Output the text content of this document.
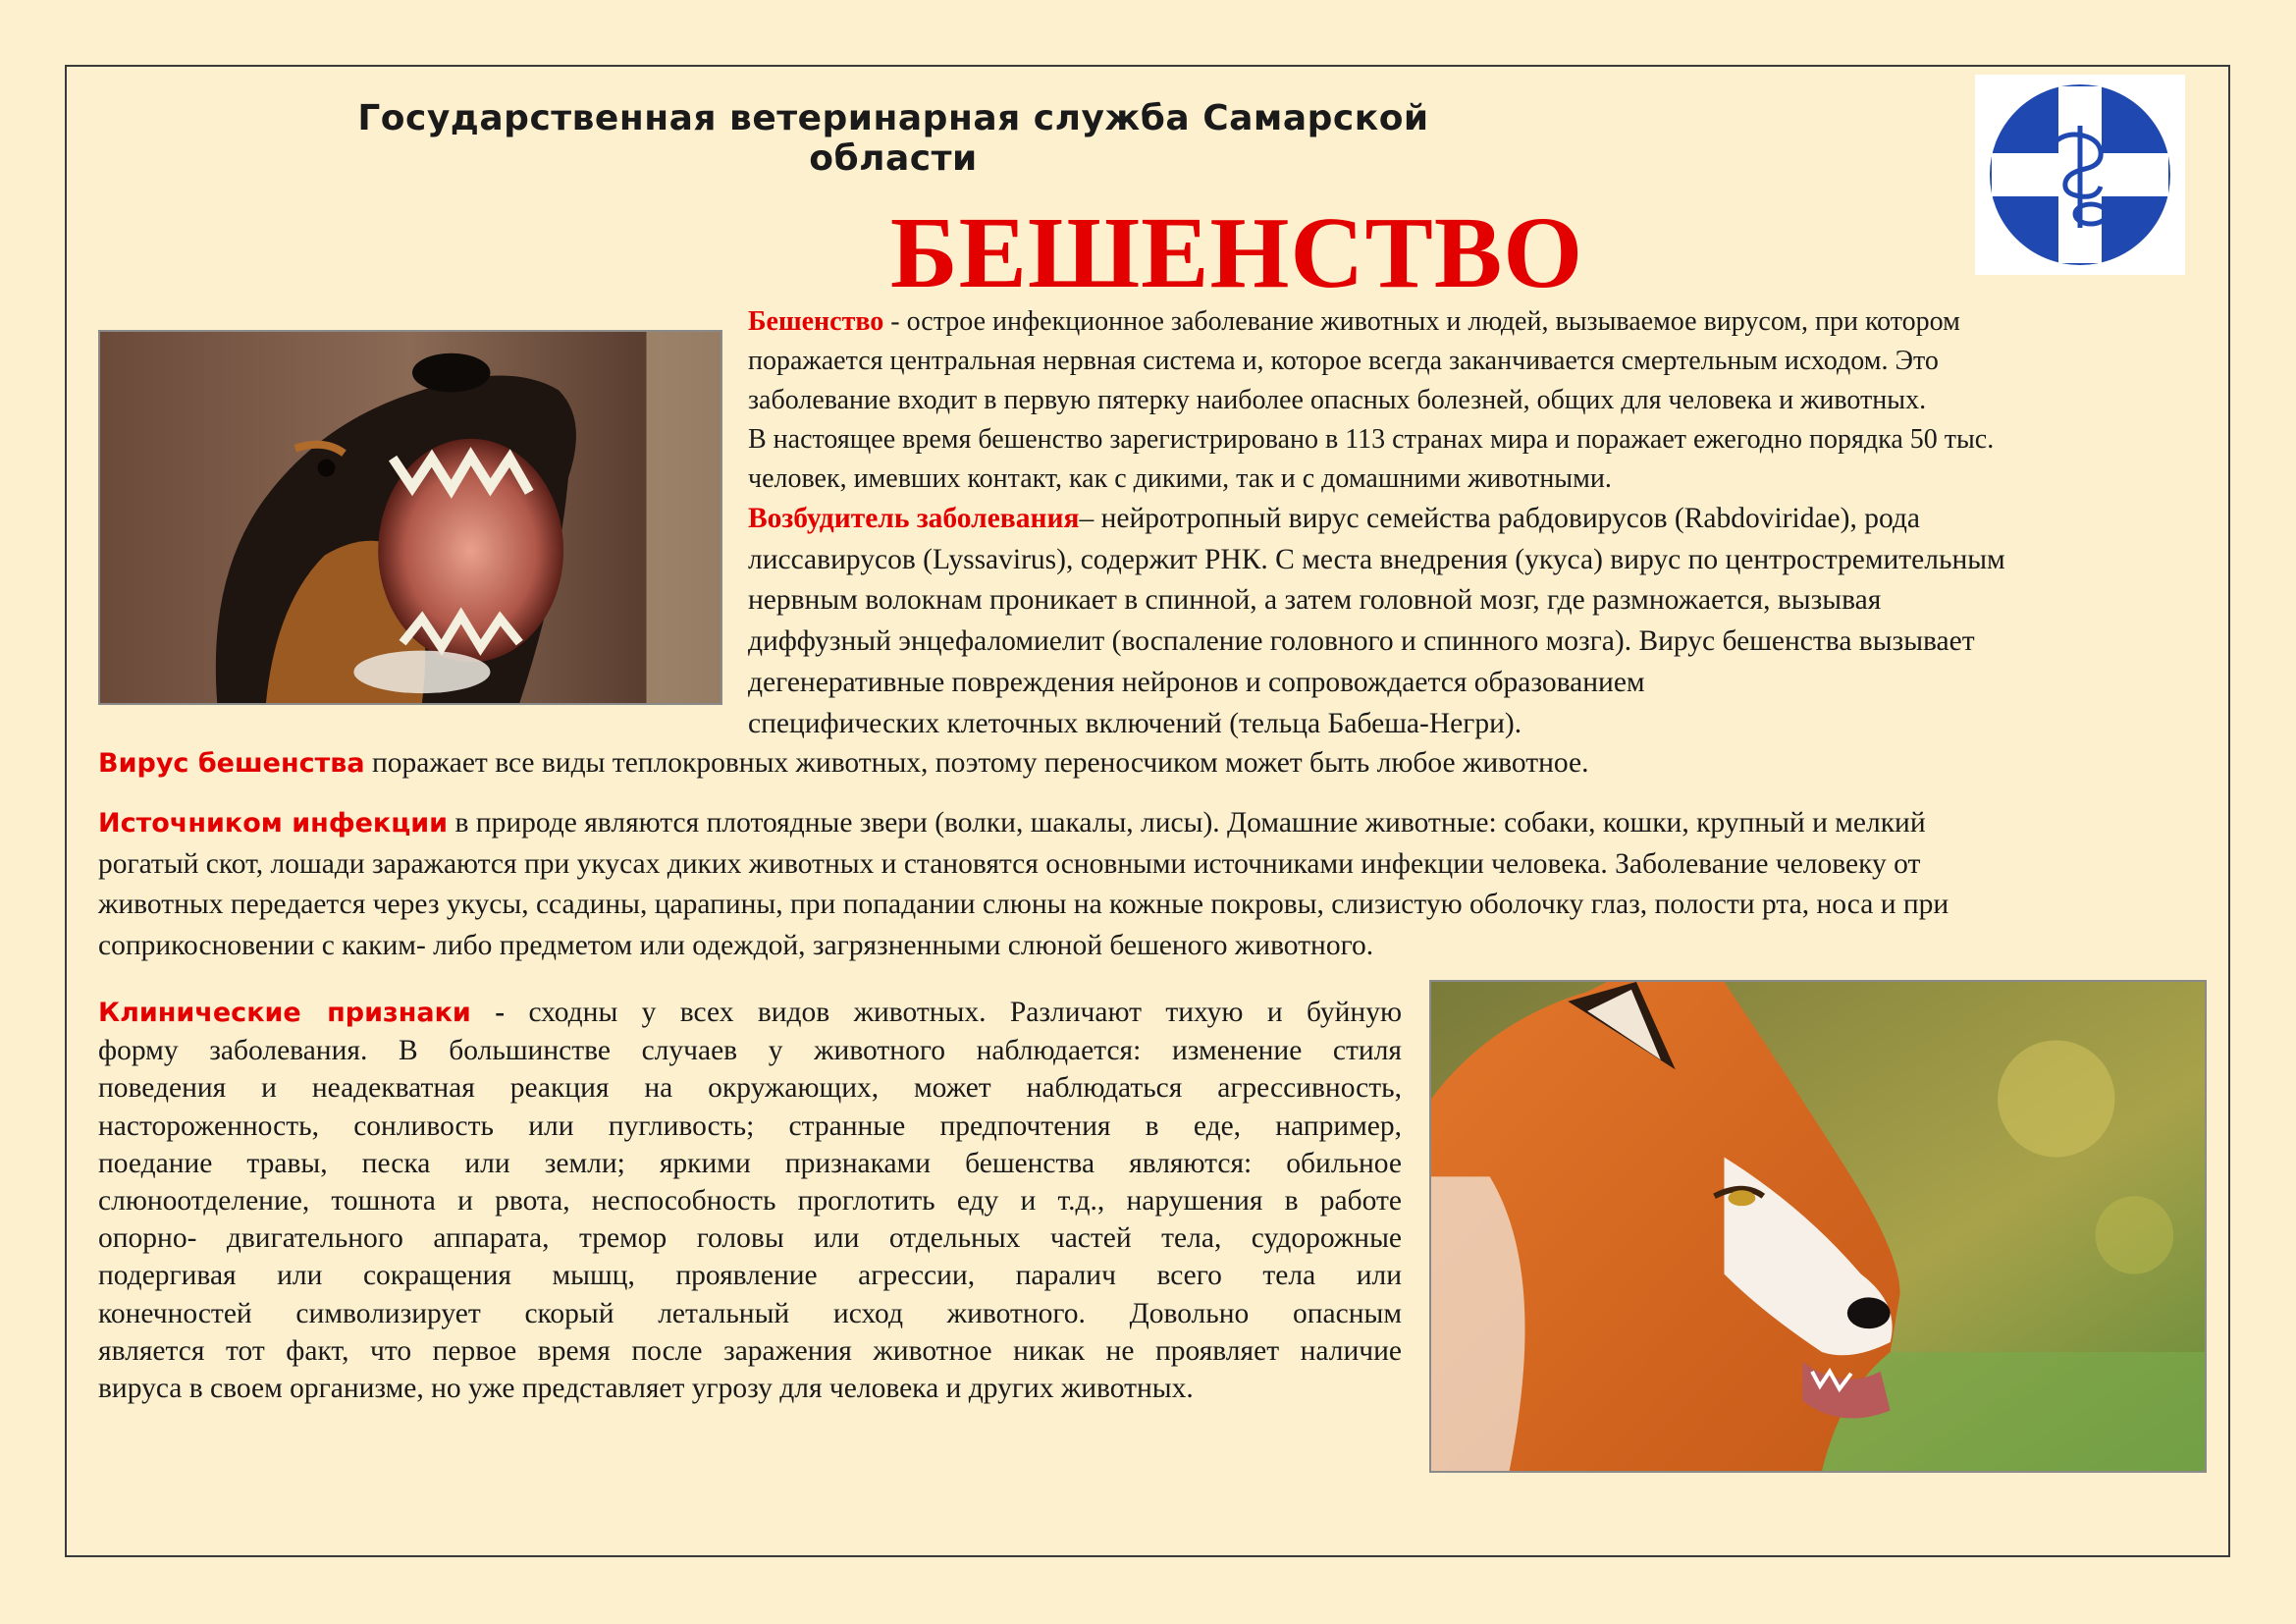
Государственная ветеринарная служба Самарской области
БЕШЕНСТВО

Бешенство - острое инфекционное заболевание животных и людей, вызываемое вирусом, при котором
поражается центральная нервная система и, которое всегда заканчивается смертельным исходом. Это
заболевание входит в первую пятерку наиболее опасных болезней, общих для человека и животных.
В настоящее время бешенство зарегистрировано в 113 странах мира и поражает ежегодно порядка 50 тыс.
человек, имевших контакт, как с дикими, так и с домашними животными.

Возбудитель заболевания– нейротропный вирус семейства рабдовирусов (Rabdoviridae), рода
лиссавирусов (Lyssavirus), содержит РНК. С места внедрения (укуса) вирус по центростремительным
нервным волокнам проникает в спинной, а затем головной мозг, где размножается, вызывая
диффузный энцефаломиелит (воспаление головного и спинного мозга). Вирус бешенства вызывает
дегенеративные повреждения нейронов и сопровождается образованием
специфических клеточных включений (тельца Бабеша-Негри).

Вирус бешенства поражает все виды теплокровных животных, поэтому переносчиком может быть любое животное.

Источником инфекции в природе являются плотоядные звери (волки, шакалы, лисы). Домашние животные: собаки, кошки, крупный и мелкий
рогатый скот, лошади заражаются при укусах диких животных и становятся основными источниками инфекции человека. Заболевание человеку от
животных передается через укусы, ссадины, царапины, при попадании слюны на кожные покровы, слизистую оболочку глаз, полости рта, носа и при
соприкосновении с каким- либо предметом или одеждой, загрязненными слюной бешеного животного.

Клинические признаки - сходны у всех видов животных. Различают тихую и буйную
форму заболевания. В большинстве случаев у животного наблюдается: изменение стиля
поведения и неадекватная реакция на окружающих, может наблюдаться агрессивность,
настороженность, сонливость или пугливость; странные предпочтения в еде, например,
поедание травы, песка или земли; яркими признаками бешенства являются: обильное
слюноотделение, тошнота и рвота, неспособность проглотить еду и т.д., нарушения в работе
опорно- двигательного аппарата, тремор головы или отдельных частей тела, судорожные
подергивая или сокращения мышц, проявление агрессии, паралич всего тела или
конечностей символизирует скорый летальный исход животного. Довольно опасным
является тот факт, что первое время после заражения животное никак не проявляет наличие
вируса в своем организме, но уже представляет угрозу для человека и других животных.
